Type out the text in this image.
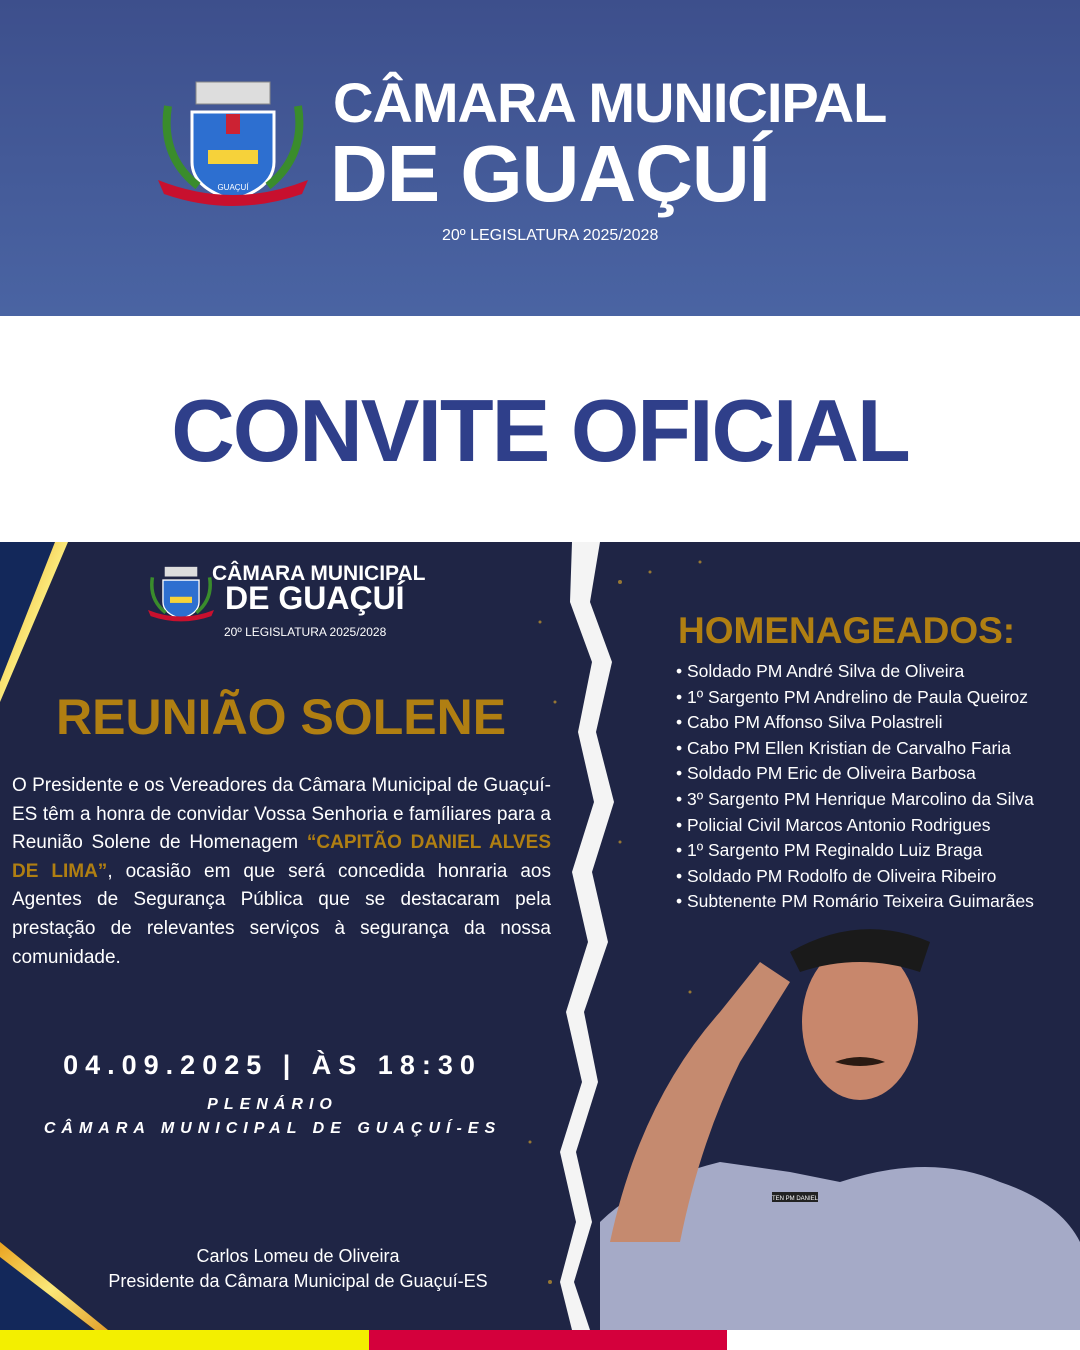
GUAÇUÍ
CÂMARA MUNICIPAL
DE GUAÇUÍ
20º LEGISLATURA 2025/2028
CONVITE OFICIAL
TEN PM DANIEL
CÂMARA MUNICIPAL
DE GUAÇUÍ
20º LEGISLATURA 2025/2028
REUNIÃO SOLENE

O Presidente e os Vereadores da Câmara Municipal de Guaçuí-ES têm a honra de convidar Vossa Senhoria e famíliares para a Reunião Solene de Homenagem “CAPITÃO DANIEL ALVES DE LIMA”, ocasião em que será concedida honraria aos Agentes de Segurança Pública que se destacaram pela prestação de relevantes serviços à segurança da nossa comunidade.

04.09.2025 | ÀS 18:30
PLENÁRIO
CÂMARA MUNICIPAL DE GUAÇUÍ-ES
Carlos Lomeu de Oliveira
Presidente da Câmara Municipal de Guaçuí-ES
HOMENAGEADOS:
• Soldado PM André Silva de Oliveira
• 1º Sargento PM Andrelino de Paula Queiroz
• Cabo PM Affonso Silva Polastreli
• Cabo PM Ellen Kristian de Carvalho Faria
• Soldado PM Eric de Oliveira Barbosa
• 3º Sargento PM Henrique Marcolino da Silva
• Policial Civil Marcos Antonio Rodrigues
• 1º Sargento PM Reginaldo Luiz Braga
• Soldado PM Rodolfo de Oliveira Ribeiro
• Subtenente PM Romário Teixeira Guimarães
